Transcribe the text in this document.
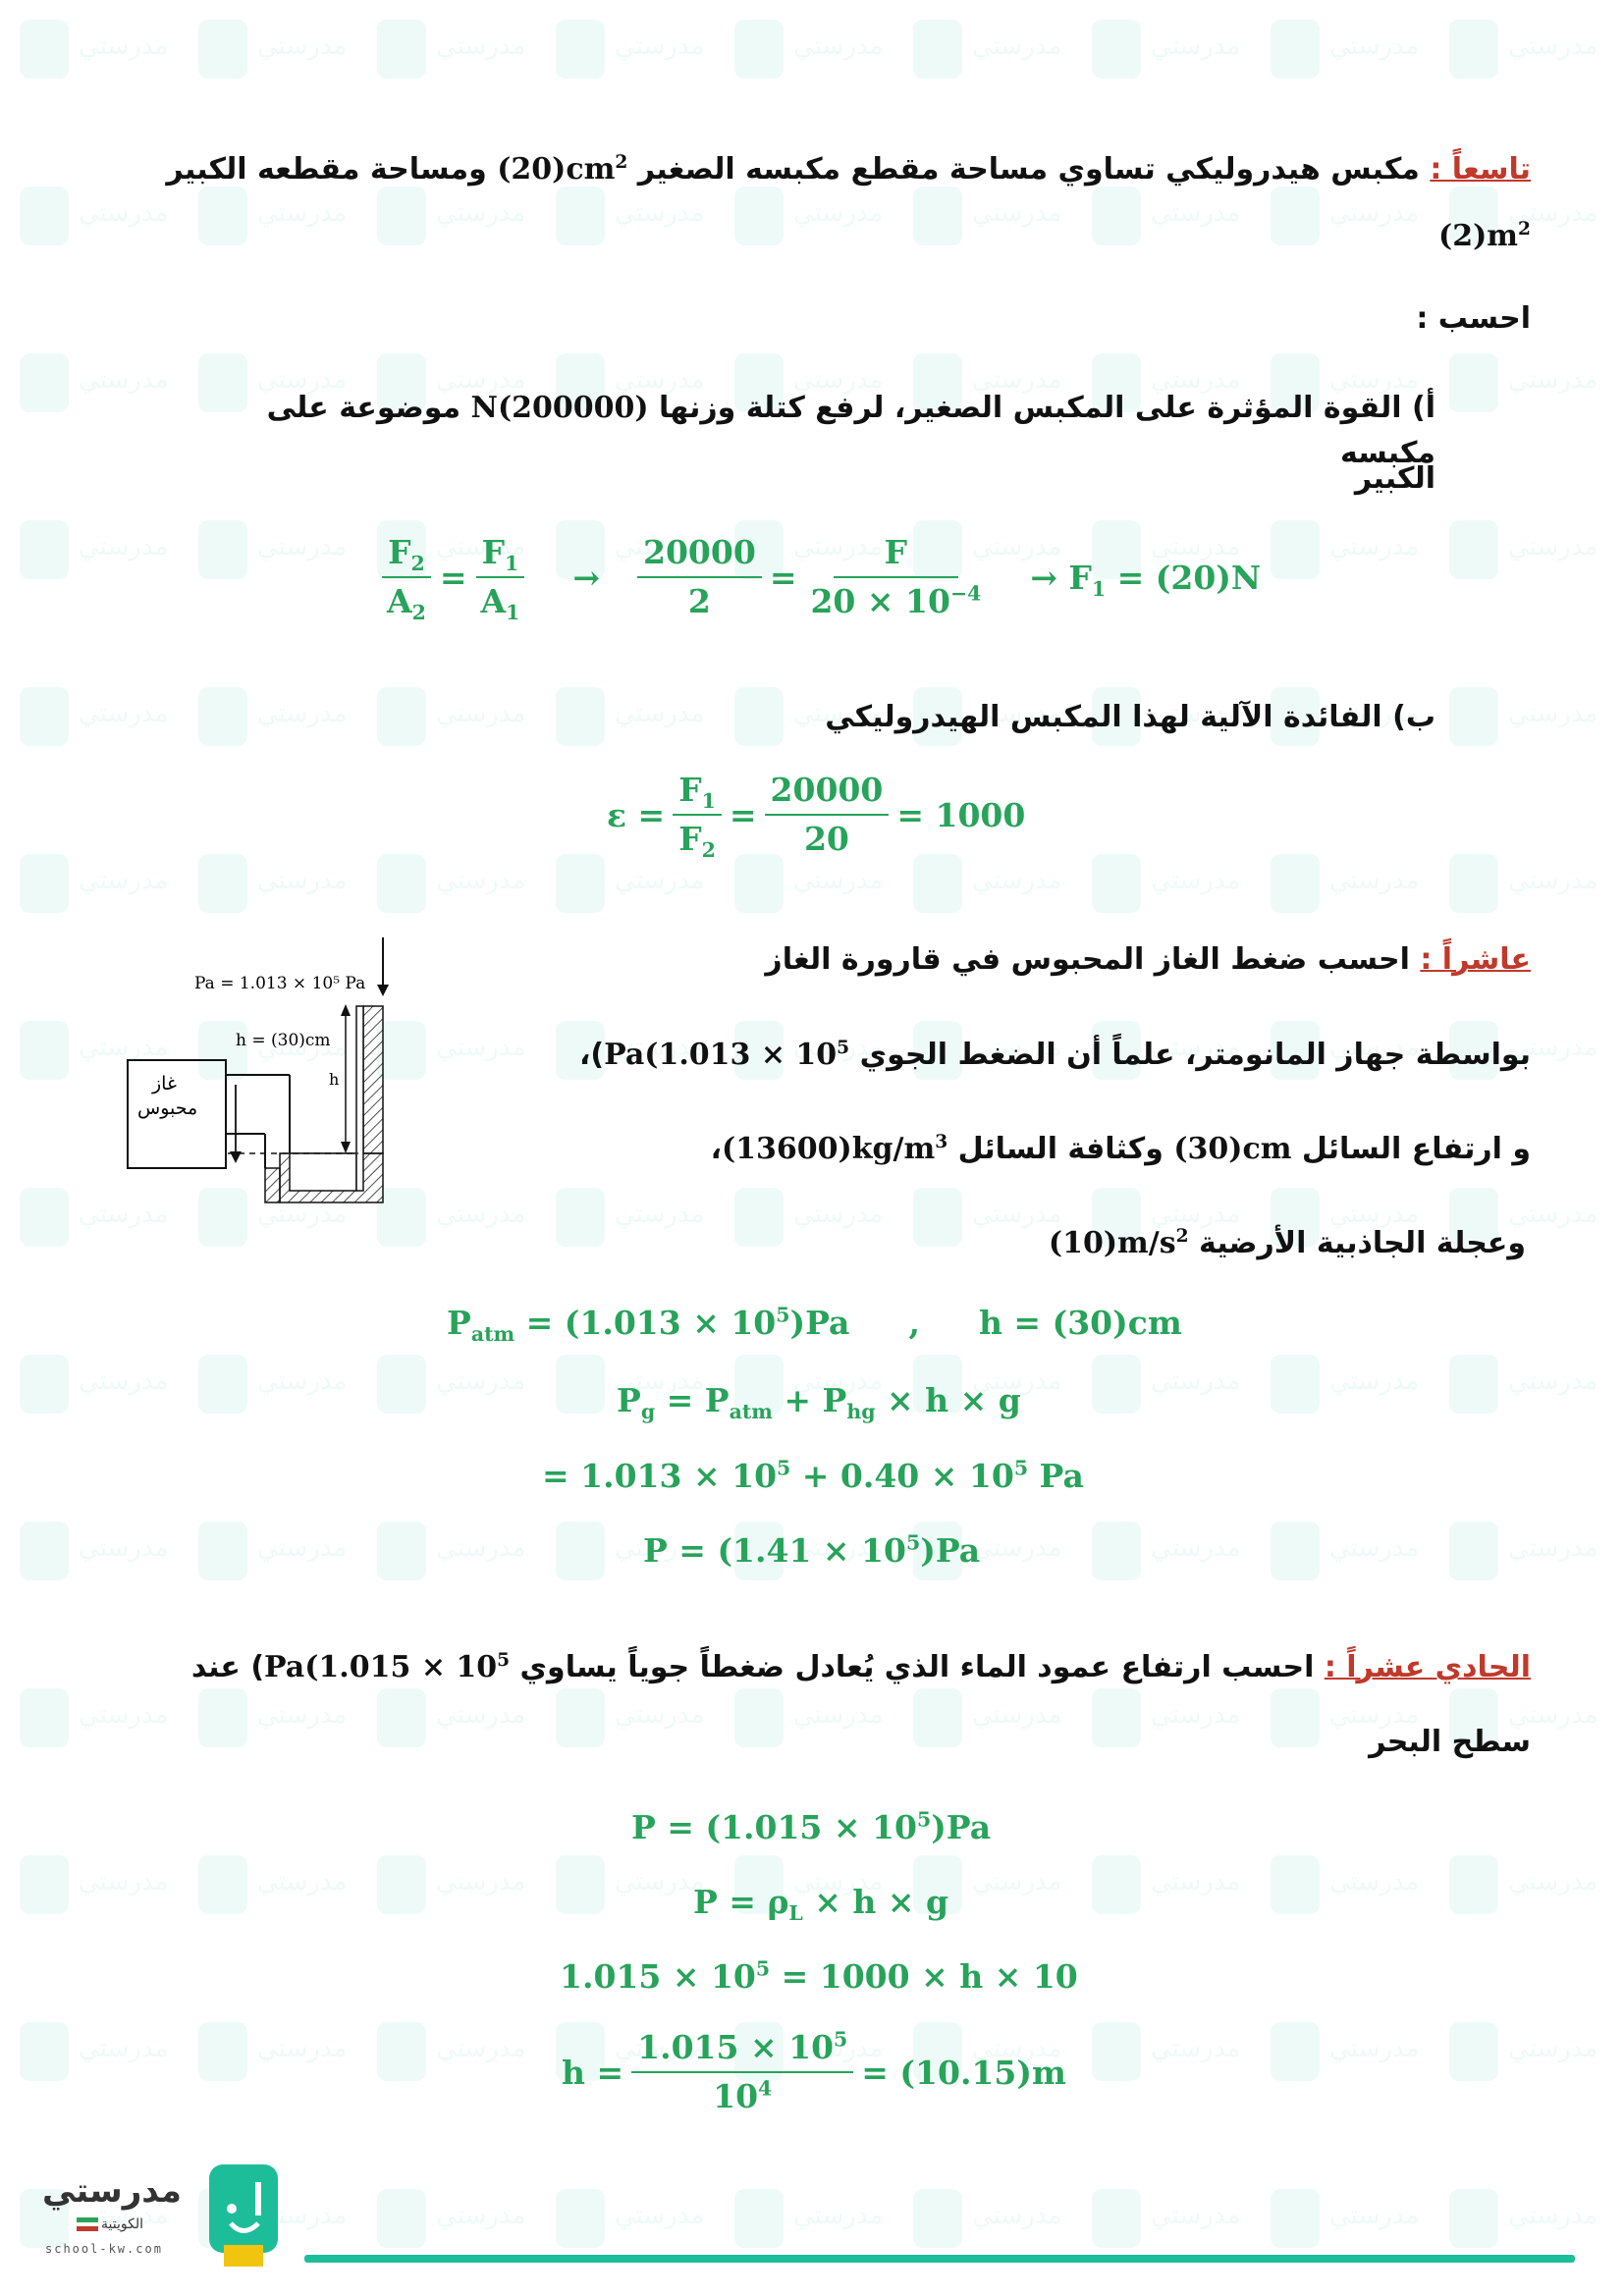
تاسعاً : مكبس هيدروليكي تساوي مساحة مقطع مكبسه الصغير $(20)cm^2$ ومساحة مقطعه الكبير
$(2)m^2$
احسب :
أ) القوة المؤثرة على المكبس الصغير، لرفع كتلة وزنها N(200000) موضوعة على مكبسه
الكبير
$\frac{F_2}{A_2} = \frac{F_1}{A_1} \to \frac{20000}{2} = \frac{F}{20 \times 10^{-4}} \to F_1 = (20)N$
ب) الفائدة الآلية لهذا المكبس الهيدروليكي
$\varepsilon = \frac{F_1}{F_2} = \frac{20000}{20} = 1000$
عاشراً : احسب ضغط الغاز المحبوس في قارورة الغاز
بواسطة جهاز المانومتر، علماً أن الضغط الجوي $Pa(1.013 \times 10^5)،$
و ارتفاع السائل (30)cm وكثافة السائل $(13600)kg/m^3،$
وعجلة الجاذبية الأرضية $(10)m/s^2$
Pa = 1.013 × 10⁵ Pa
غاز
محبوس
h = (30)cm
h
$P_{atm} = (1.013 \times 10^5)Pa$ , h = (30)cm
$P_g = P_{atm} + P_{hg} \times h \times g$
= $1.013 \times 10^5 + 0.40 \times 10^5$ Pa
$P = (1.41 \times 10^5)Pa$
الحادي عشراً : احسب ارتفاع عمود الماء الذي يُعادل ضغطاً جوياً يساوي $Pa(1.015 \times 10^5)$ عند
سطح البحر
$P = (1.015 \times 10^5)Pa$
$P = \rho_L \times h \times g$
$1.015 \times 10^5 = 1000 \times h \times 10$
$h = \frac{1.015 \times 10^5}{10^4} = (10.15)m$
مدرستي
الكويتية
school-kw.com
